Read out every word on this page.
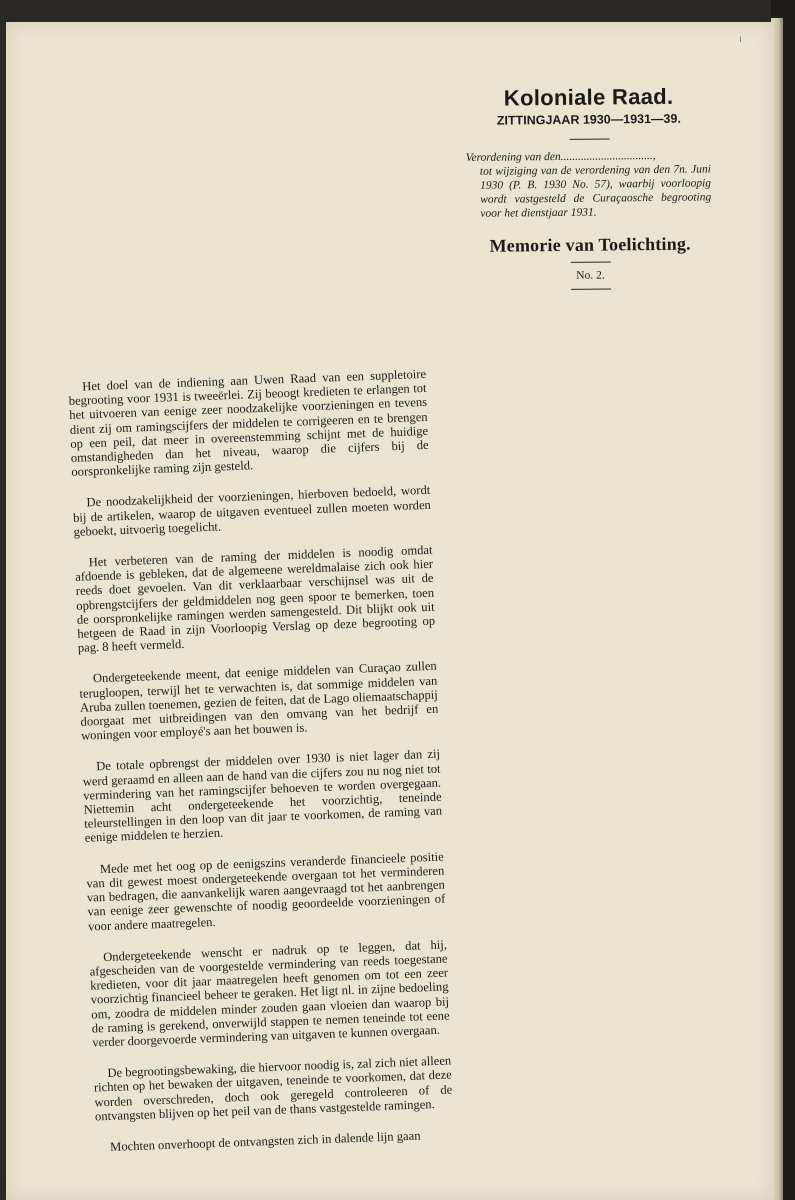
ı
Koloniale Raad.
ZITTINGJAAR 1930—1931—39.
Verordening van den................................,
tot wijziging van de verordening van den 7n. Juni 1930 (P. B. 1930 No. 57), waarbij voorloopig wordt vastgesteld de Curaçaosche begrooting voor het dienstjaar 1931.
Memorie van Toelichting.
No. 2.

Het doel van de indiening aan Uwen Raad van een suppletoire begrooting voor 1931 is tweeërlei. Zij beoogt kredieten te erlangen tot het uitvoeren van eenige zeer noodzakelijke voorzieningen en tevens dient zij om ramingscijfers der middelen te corrigeeren en te brengen op een peil, dat meer in overeenstemming schijnt met de huidige omstandigheden dan het niveau, waarop die cijfers bij de oorspronkelijke raming zijn gesteld.

De noodzakelijkheid der voorzieningen, hierboven bedoeld, wordt bij de artikelen, waarop de uitgaven eventueel zullen moeten worden geboekt, uitvoerig toegelicht.

Het verbeteren van de raming der middelen is noodig omdat afdoende is gebleken, dat de algemeene wereldmalaise zich ook hier reeds doet gevoelen. Van dit verklaarbaar verschijnsel was uit de opbrengstcijfers der geldmiddelen nog geen spoor te bemerken, toen de oorspronkelijke ramingen werden samengesteld. Dit blijkt ook uit hetgeen de Raad in zijn Voorloopig Verslag op deze begrooting op pag. 8 heeft vermeld.

Ondergeteekende meent, dat eenige middelen van Curaçao zullen terugloopen, terwijl het te verwachten is, dat sommige middelen van Aruba zullen toenemen, gezien de feiten, dat de Lago oliemaatschappij doorgaat met uitbreidingen van den omvang van het bedrijf en woningen voor employé's aan het bouwen is.

De totale opbrengst der middelen over 1930 is niet lager dan zij werd geraamd en alleen aan de hand van die cijfers zou nu nog niet tot vermindering van het ramingscijfer behoeven te worden overgegaan. Niettemin acht ondergeteekende het voorzichtig, teneinde teleurstellingen in den loop van dit jaar te voorkomen, de raming van eenige middelen te herzien.

Mede met het oog op de eenigszins veranderde financieele positie van dit gewest moest ondergeteekende overgaan tot het verminderen van bedragen, die aanvankelijk waren aangevraagd tot het aanbrengen van eenige zeer gewenschte of noodig geoordeelde voorzieningen of voor andere maatregelen.

Ondergeteekende wenscht er nadruk op te leggen, dat hij, afgescheiden van de voorgestelde vermindering van reeds toegestane kredieten, voor dit jaar maatregelen heeft genomen om tot een zeer voorzichtig financieel beheer te geraken. Het ligt nl. in zijne bedoeling om, zoodra de middelen minder zouden gaan vloeien dan waarop bij de raming is gerekend, onverwijld stappen te nemen teneinde tot eene verder doorgevoerde vermindering van uitgaven te kunnen overgaan.

De begrootingsbewaking, die hiervoor noodig is, zal zich niet alleen richten op het bewaken der uitgaven, teneinde te voorkomen, dat deze worden overschreden, doch ook geregeld controleeren of de ontvangsten blijven op het peil van de thans vastgestelde ramingen.

Mochten onverhoopt de ontvangsten zich in dalende lijn gaan
